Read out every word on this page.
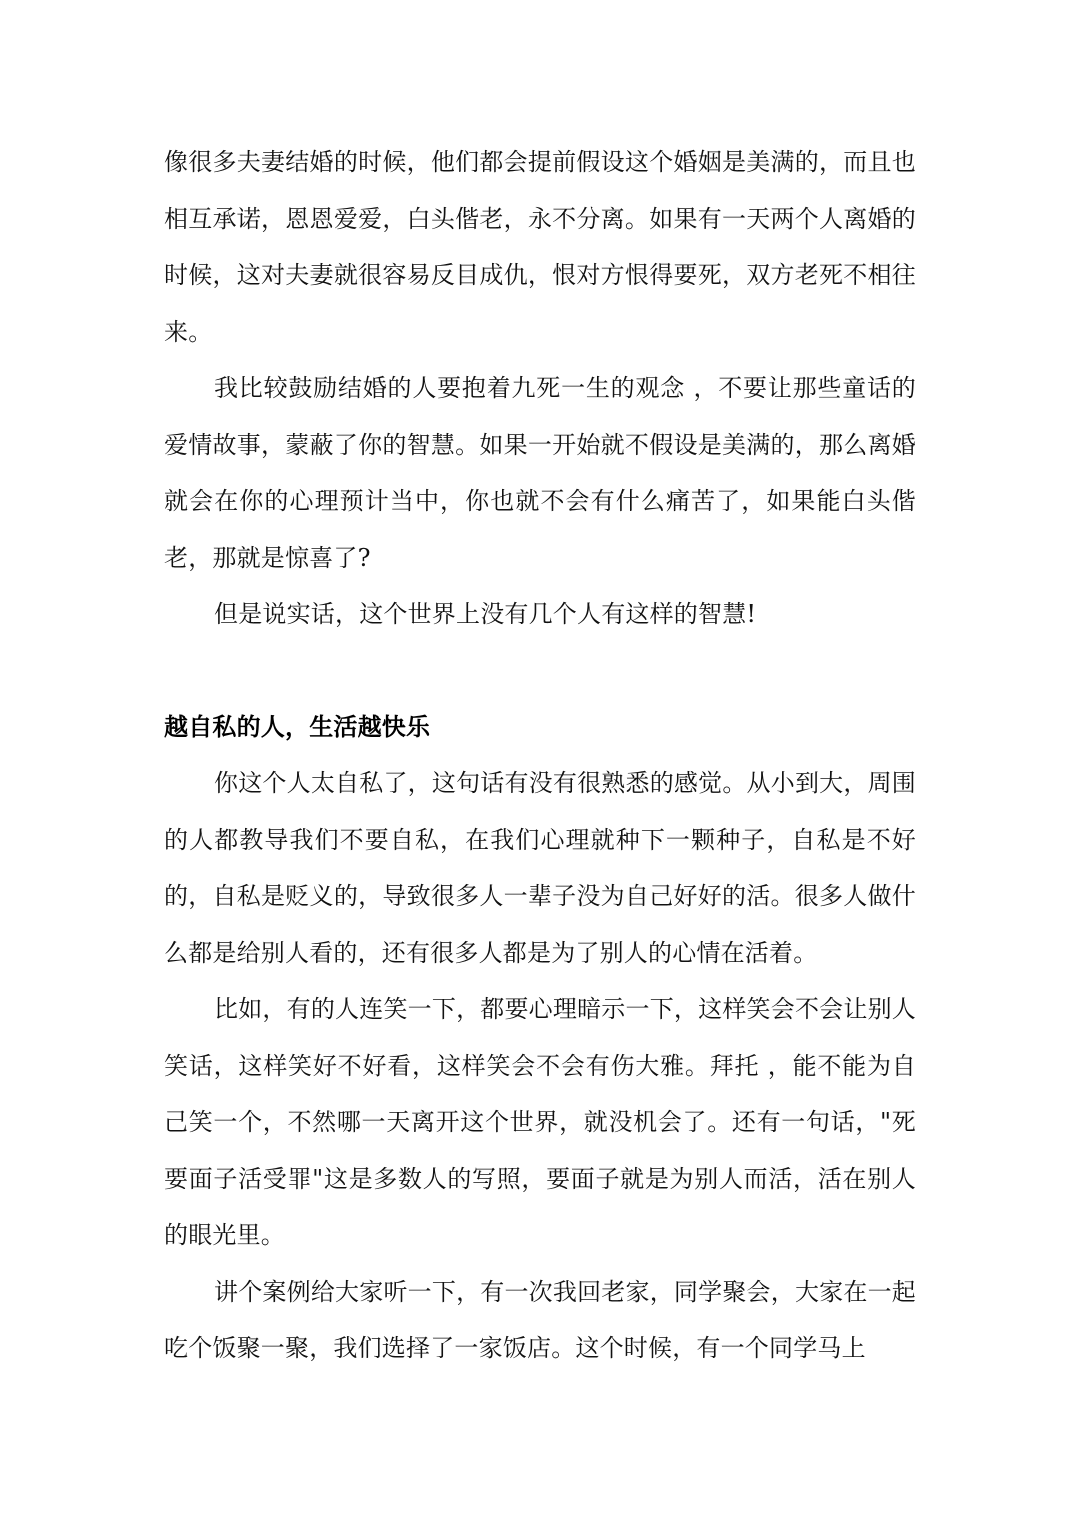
像很多夫妻结婚的时候，他们都会提前假设这个婚姻是美满的，而且也相互承诺，恩恩爱爱，白头偕老，永不分离。如果有一天两个人离婚的时候，这对夫妻就很容易反目成仇，恨对方恨得要死，双方老死不相往来。

我比较鼓励结婚的人要抱着九死一生的观念 ，不要让那些童话的爱情故事，蒙蔽了你的智慧。如果一开始就不假设是美满的，那么离婚就会在你的心理预计当中，你也就不会有什么痛苦了，如果能白头偕老，那就是惊喜了?

但是说实话，这个世界上没有几个人有这样的智慧!

越自私的人，生活越快乐

你这个人太自私了，这句话有没有很熟悉的感觉。从小到大，周围的人都教导我们不要自私，在我们心理就种下一颗种子，自私是不好的，自私是贬义的，导致很多人一辈子没为自己好好的活。很多人做什么都是给别人看的，还有很多人都是为了别人的心情在活着。

比如，有的人连笑一下，都要心理暗示一下，这样笑会不会让别人笑话，这样笑好不好看，这样笑会不会有伤大雅。拜托 ，能不能为自己笑一个，不然哪一天离开这个世界，就没机会了。还有一句话，"死要面子活受罪"这是多数人的写照，要面子就是为别人而活，活在别人的眼光里。

讲个案例给大家听一下，有一次我回老家，同学聚会，大家在一起吃个饭聚一聚，我们选择了一家饭店。这个时候，有一个同学马上
